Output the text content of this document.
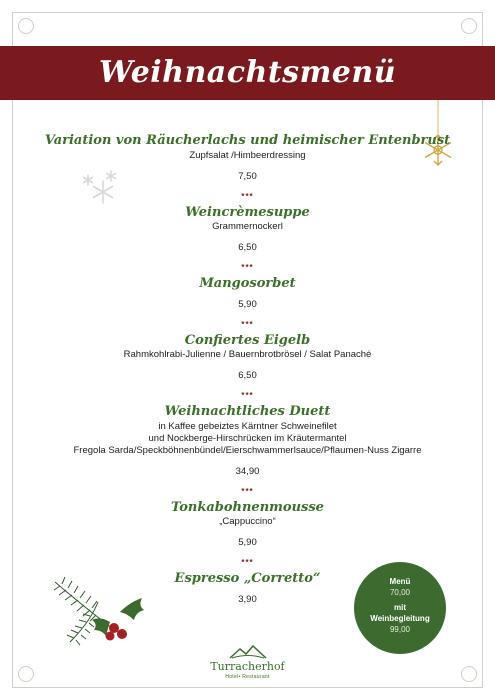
Weihnachtsmenü
Variation von Räucherlachs und heimischer Entenbrust
Zupfsalat /Himbeerdressing
7,50
***
Weincrèmesuppe
Grammernockerl
6,50
***
Mangosorbet
5,90
***
Confiertes Eigelb
Rahmkohlrabi-Julienne / Bauernbrotbrösel / Salat Panaché
6,50
***
Weihnachtliches Duett
in Kaffee gebeiztes Kärntner Schweinefilet
und Nockberge-Hirschrücken im Kräutermantel
Fregola Sarda/Speckböhnenbündel/Eierschwammerlsauce/Pflaumen-Nuss Zigarre
34,90
***
Tonkabohnenmousse
„Cappuccino“
5,90
***
Espresso „Corretto“
3,90
Menü
70,00
mit
Weinbegleitung
99,00
Turracherhof
Hotel• Restaurant
